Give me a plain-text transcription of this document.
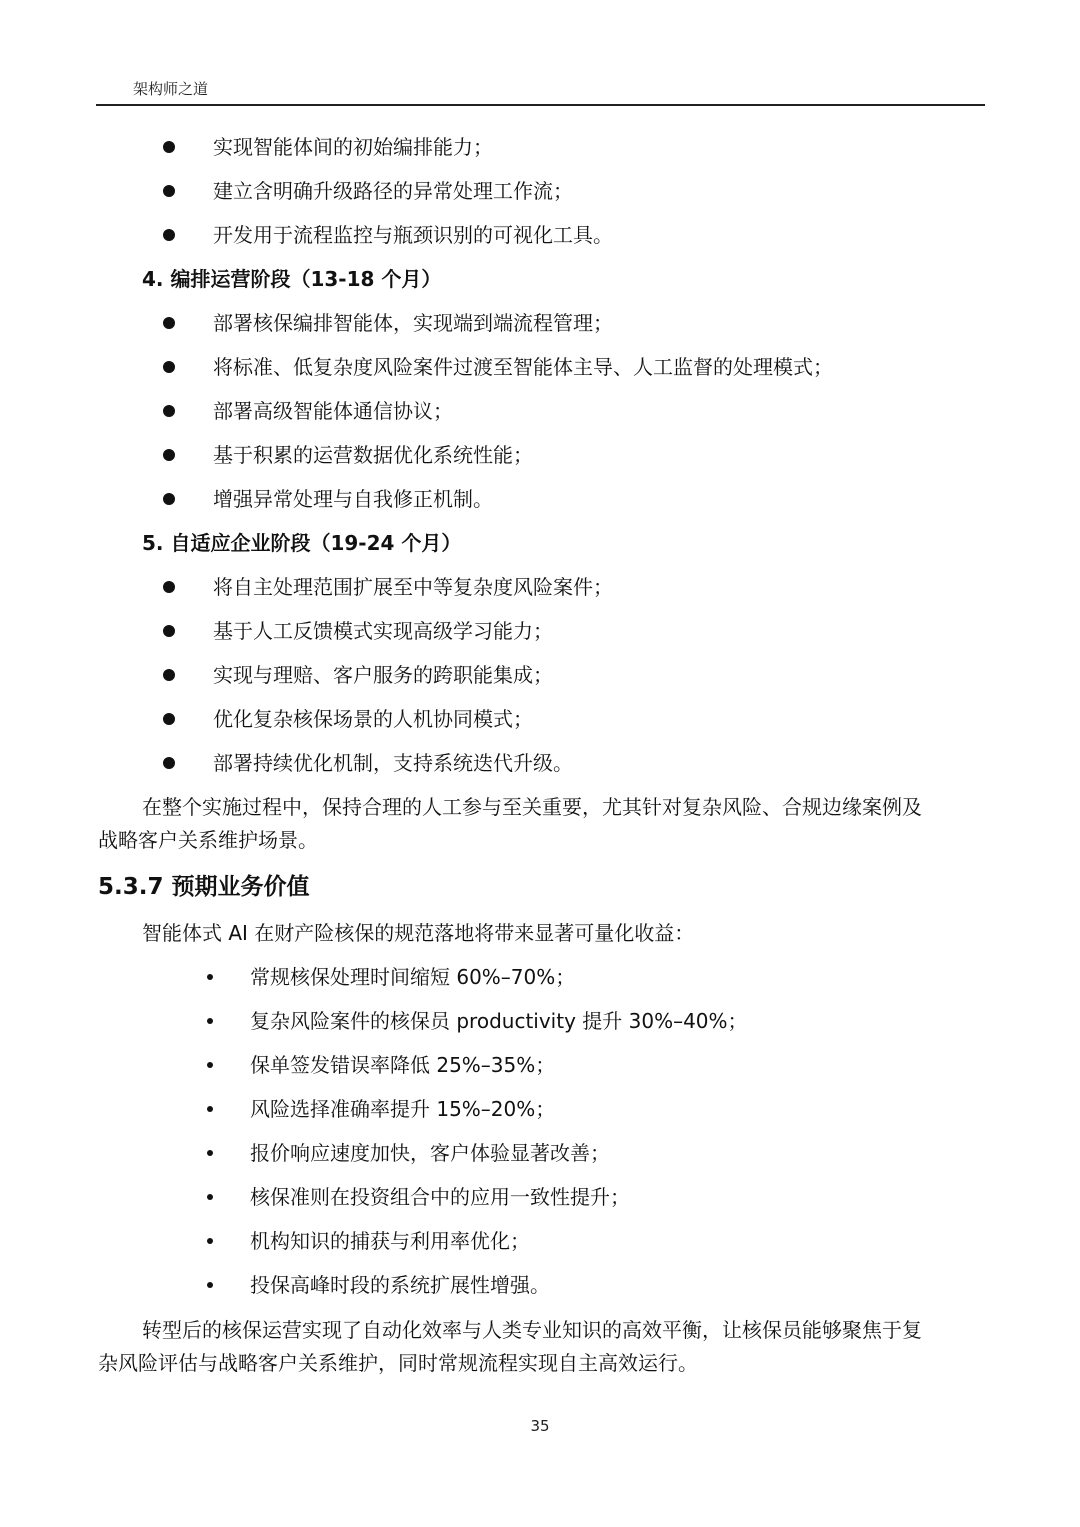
架构师之道
实现智能体间的初始编排能力；
建立含明确升级路径的异常处理工作流；
开发用于流程监控与瓶颈识别的可视化工具。
4. 编排运营阶段（13-18 个月）
部署核保编排智能体，实现端到端流程管理；
将标准、低复杂度风险案件过渡至智能体主导、人工监督的处理模式；
部署高级智能体通信协议；
基于积累的运营数据优化系统性能；
增强异常处理与自我修正机制。
5. 自适应企业阶段（19-24 个月）
将自主处理范围扩展至中等复杂度风险案件；
基于人工反馈模式实现高级学习能力；
实现与理赔、客户服务的跨职能集成；
优化复杂核保场景的人机协同模式；
部署持续优化机制，支持系统迭代升级。
在整个实施过程中，保持合理的人工参与至关重要，尤其针对复杂风险、合规边缘案例及
战略客户关系维护场景。
5.3.7 预期业务价值
智能体式 AI 在财产险核保的规范落地将带来显著可量化收益：
常规核保处理时间缩短 60%–70%；
复杂风险案件的核保员 productivity 提升 30%–40%；
保单签发错误率降低 25%–35%；
风险选择准确率提升 15%–20%；
报价响应速度加快，客户体验显著改善；
核保准则在投资组合中的应用一致性提升；
机构知识的捕获与利用率优化；
投保高峰时段的系统扩展性增强。
转型后的核保运营实现了自动化效率与人类专业知识的高效平衡，让核保员能够聚焦于复
杂风险评估与战略客户关系维护，同时常规流程实现自主高效运行。
35
